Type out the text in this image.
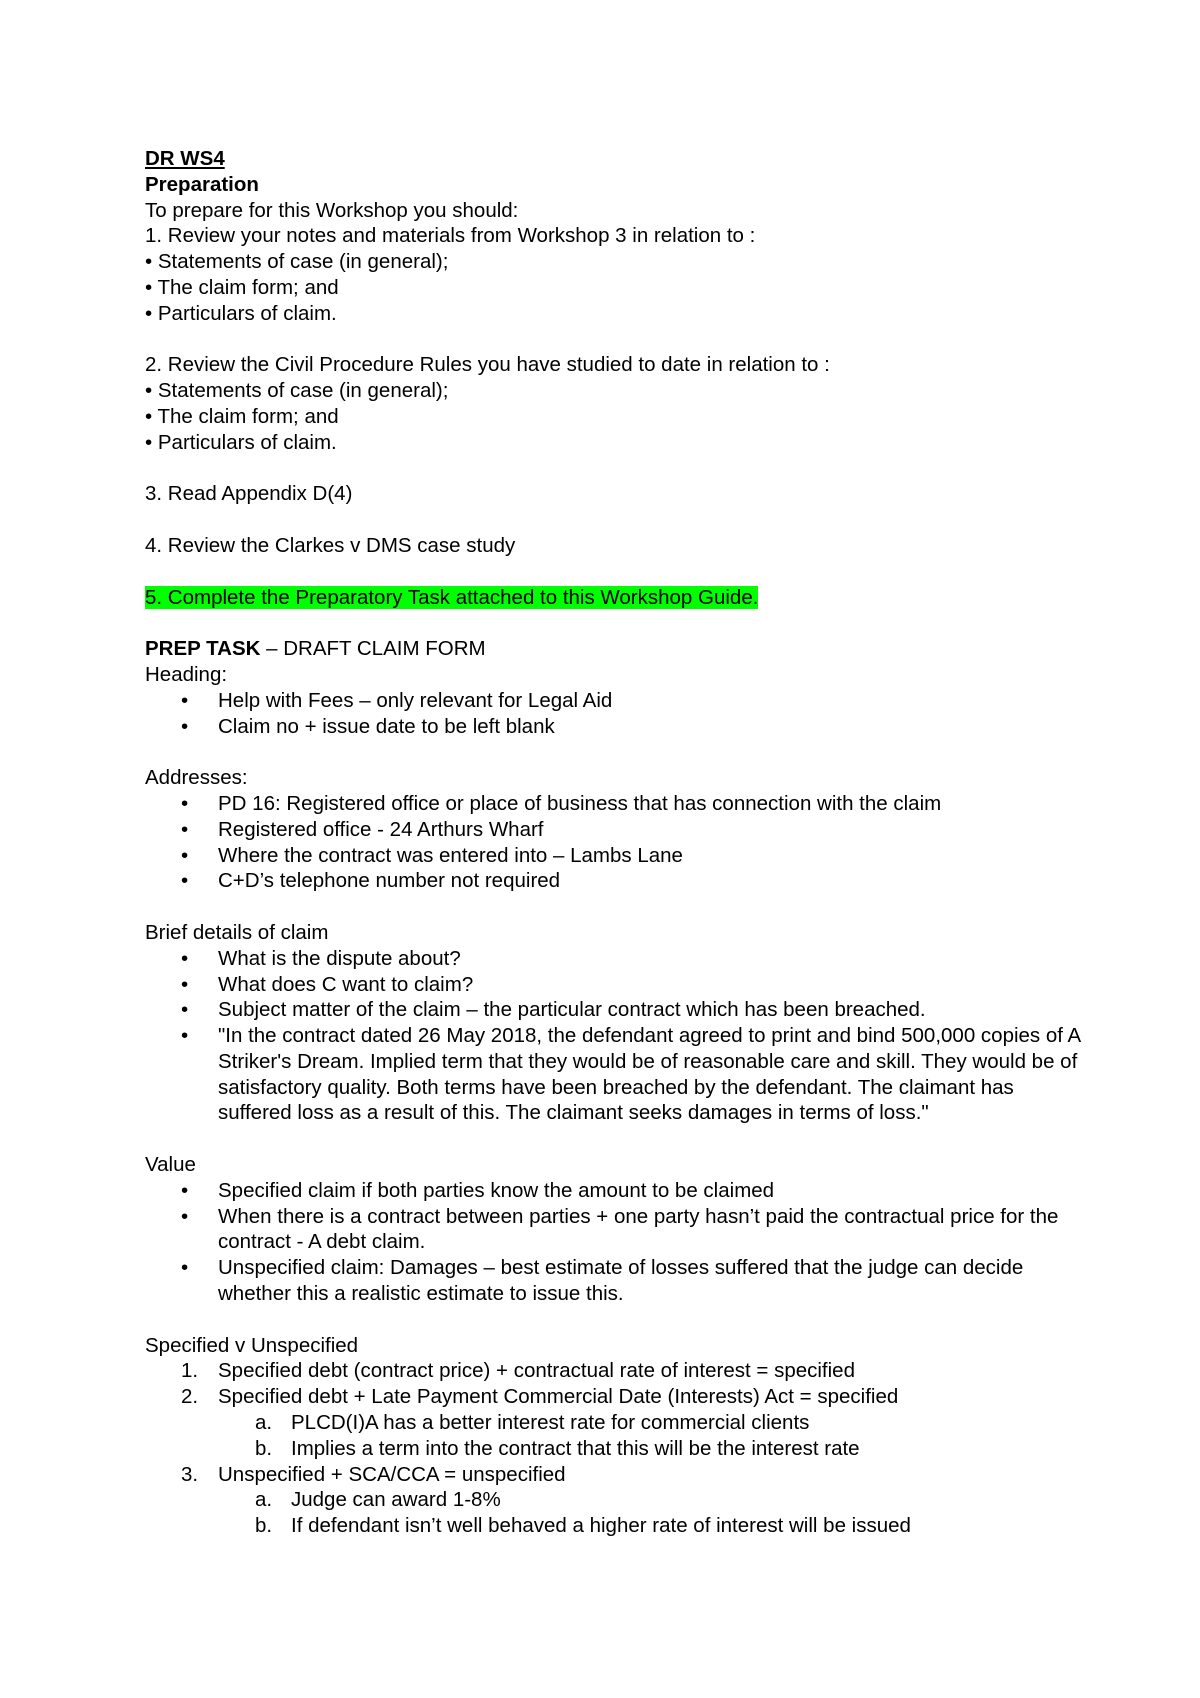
DR WS4
Preparation
To prepare for this Workshop you should:
1. Review your notes and materials from Workshop 3 in relation to :
• Statements of case (in general);
• The claim form; and
• Particulars of claim.
2. Review the Civil Procedure Rules you have studied to date in relation to :
• Statements of case (in general);
• The claim form; and
• Particulars of claim.
3. Read Appendix D(4)
4. Review the Clarkes v DMS case study
5. Complete the Preparatory Task attached to this Workshop Guide.
PREP TASK – DRAFT CLAIM FORM
Heading:
• Help with Fees – only relevant for Legal Aid
• Claim no + issue date to be left blank
Addresses:
• PD 16: Registered office or place of business that has connection with the claim
• Registered office - 24 Arthurs Wharf
• Where the contract was entered into – Lambs Lane
• C+D’s telephone number not required
Brief details of claim
• What is the dispute about?
• What does C want to claim?
• Subject matter of the claim – the particular contract which has been breached.
• "In the contract dated 26 May 2018, the defendant agreed to print and bind 500,000 copies of A Striker's Dream. Implied term that they would be of reasonable care and skill. They would be of satisfactory quality. Both terms have been breached by the defendant. The claimant has suffered loss as a result of this. The claimant seeks damages in terms of loss."
Value
• Specified claim if both parties know the amount to be claimed
• When there is a contract between parties + one party hasn’t paid the contractual price for the contract - A debt claim.
• Unspecified claim: Damages – best estimate of losses suffered that the judge can decide whether this a realistic estimate to issue this.
Specified v Unspecified
1. Specified debt (contract price) + contractual rate of interest = specified
2. Specified debt + Late Payment Commercial Date (Interests) Act = specified
a. PLCD(I)A has a better interest rate for commercial clients
b. Implies a term into the contract that this will be the interest rate
3. Unspecified + SCA/CCA = unspecified
a. Judge can award 1-8%
b. If defendant isn’t well behaved a higher rate of interest will be issued
